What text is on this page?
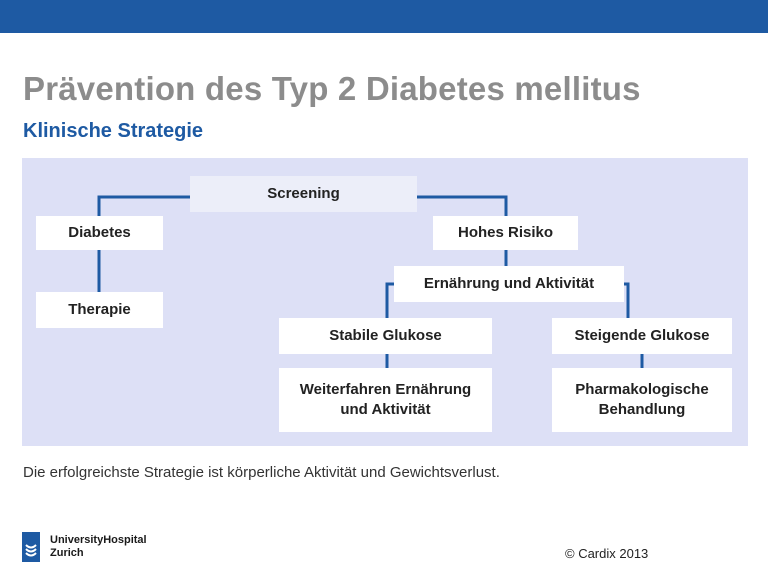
Prävention des Typ 2 Diabetes mellitus
Klinische Strategie
Screening
Diabetes
Therapie
Hohes Risiko
Ernährung und Aktivität
Stabile Glukose	Steigende Glukose
Weiterfahren Ernährung und Aktivität
Pharmakologische Behandlung

Die erfolgreichste Strategie ist körperliche Aktivität und Gewichtsverlust.

UniversityHospital
Zurich	© Cardix 2013
